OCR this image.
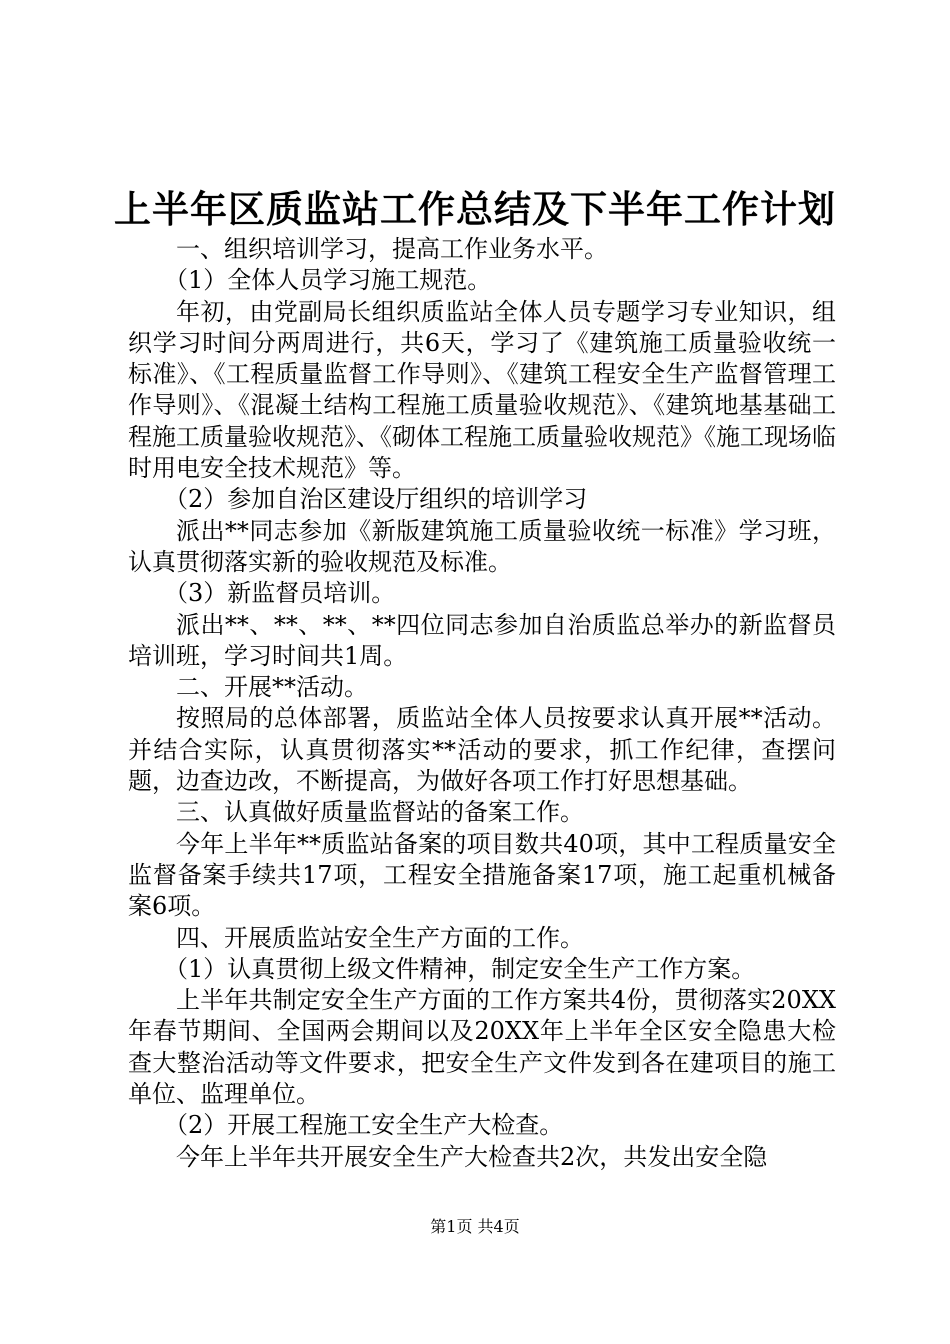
上半年区质监站工作总结及下半年工作计划

一、组织培训学习，提高工作业务水平。

（1）全体人员学习施工规范。

年初，由党副局长组织质监站全体人员专题学习专业知识，组织学习时间分两周进行，共6天，学习了《建筑施工质量验收统一标准》、《工程质量监督工作导则》、《建筑工程安全生产监督管理工作导则》、《混凝土结构工程施工质量验收规范》、《建筑地基基础工程施工质量验收规范》、《砌体工程施工质量验收规范》《施工现场临时用电安全技术规范》等。

（2）参加自治区建设厅组织的培训学习

派出**同志参加《新版建筑施工质量验收统一标准》学习班，认真贯彻落实新的验收规范及标准。

（3）新监督员培训。

派出**、**、**、**四位同志参加自治质监总举办的新监督员培训班，学习时间共1周。

二、开展**活动。

按照局的总体部署，质监站全体人员按要求认真开展**活动。并结合实际，认真贯彻落实**活动的要求，抓工作纪律，查摆问题，边查边改，不断提高，为做好各项工作打好思想基础。

三、认真做好质量监督站的备案工作。

今年上半年**质监站备案的项目数共40项，其中工程质量安全监督备案手续共17项，工程安全措施备案17项，施工起重机械备案6项。

四、开展质监站安全生产方面的工作。

（1）认真贯彻上级文件精神，制定安全生产工作方案。

上半年共制定安全生产方面的工作方案共4份，贯彻落实20XX年春节期间、全国两会期间以及20XX年上半年全区安全隐患大检查大整治活动等文件要求，把安全生产文件发到各在建项目的施工单位、监理单位。

（2）开展工程施工安全生产大检查。

今年上半年共开展安全生产大检查共2次，共发出安全隐

第1页 共4页
